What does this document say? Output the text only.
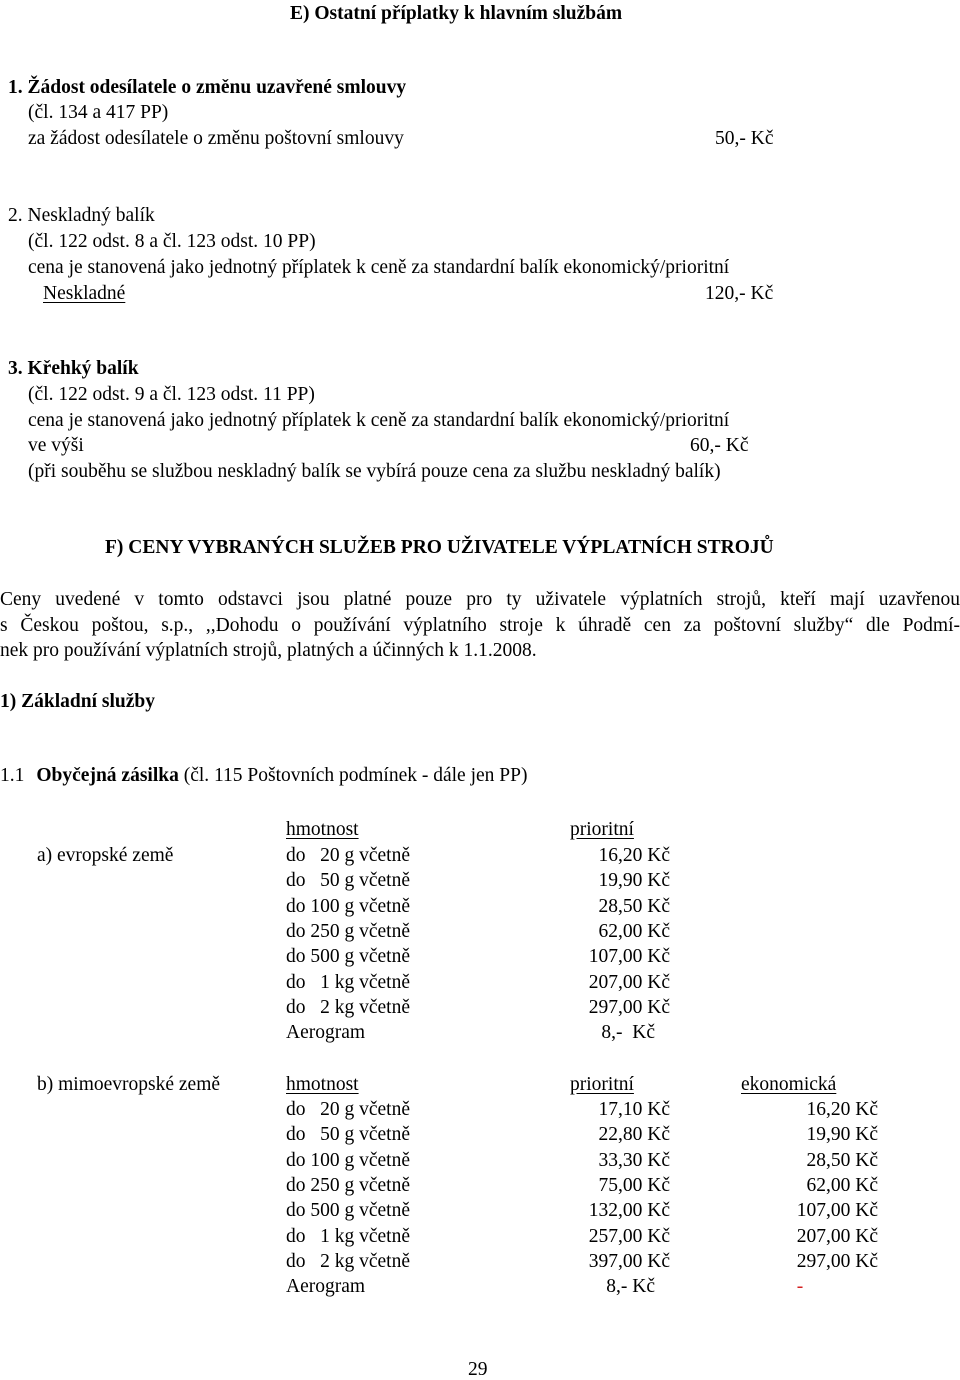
E) Ostatní příplatky k hlavním službám
1. Žádost odesílatele o změnu uzavřené smlouvy
(čl. 134 a 417 PP)
za žádost odesílatele o změnu poštovní smlouvy	50,- Kč
2. Neskladný balík
(čl. 122 odst. 8 a čl. 123 odst. 10 PP)
cena je stanovená jako jednotný příplatek k ceně za standardní balík ekonomický/prioritní
Neskladné	120,- Kč
3. Křehký balík
(čl. 122 odst. 9 a čl. 123 odst. 11 PP)
cena je stanovená jako jednotný příplatek k ceně za standardní balík ekonomický/prioritní
ve výši	60,- Kč
(při souběhu se službou neskladný balík se vybírá pouze cena za službu neskladný balík)
F) CENY VYBRANÝCH SLUŽEB PRO UŽIVATELE VÝPLATNÍCH STROJŮ
Ceny uvedené v tomto odstavci jsou platné pouze pro ty uživatele výplatních strojů, kteří mají uzavřenou
s Českou poštou, s.p., ,,Dohodu o používání výplatního stroje k úhradě cen za poštovní služby“ dle Podmí-
nek pro používání výplatních strojů, platných a účinných k 1.1.2008.
1) Základní služby
1.1 Obyčejná zásilka (čl. 115 Poštovních podmínek - dále jen PP)
hmotnost	prioritní
a) evropské země	do   20 g včetně	16,20 Kč
do   50 g včetně	19,90 Kč
do 100 g včetně	28,50 Kč
do 250 g včetně	62,00 Kč
do 500 g včetně	107,00 Kč
do   1 kg včetně	207,00 Kč
do   2 kg včetně	297,00 Kč
Aerogram	8,-  Kč
b) mimoevropské země	hmotnost	prioritní	ekonomická
do   20 g včetně	17,10 Kč	16,20 Kč
do   50 g včetně	22,80 Kč	19,90 Kč
do 100 g včetně	33,30 Kč	28,50 Kč
do 250 g včetně	75,00 Kč	62,00 Kč
do 500 g včetně	132,00 Kč	107,00 Kč
do   1 kg včetně	257,00 Kč	207,00 Kč
do   2 kg včetně	397,00 Kč	297,00 Kč
Aerogram	8,- Kč	-
29
